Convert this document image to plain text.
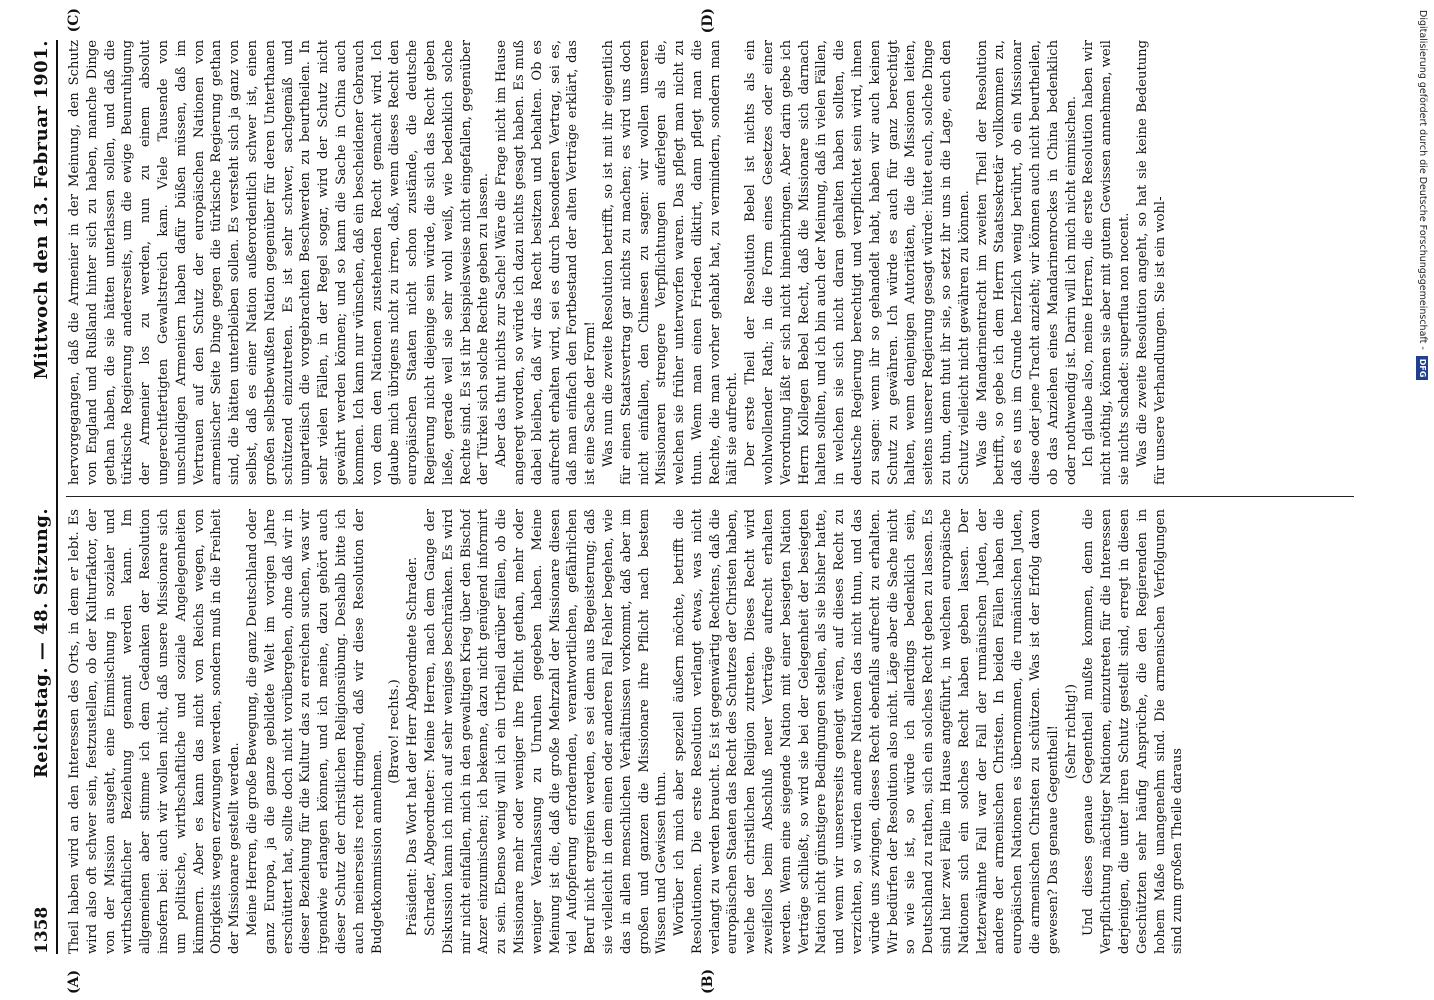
1358
Reichstag. — 48. Sitzung.
Mittwoch den 13. Februar 1901.
(A)	(B)
(C)	(D)

Theil haben wird an den Interessen des Orts, in dem er lebt. Es wird also oft schwer sein, festzustellen, ob der Kulturfaktor, der von der Mission ausgeht, eine Einmischung in sozialer und wirthschaftlicher Beziehung genannt werden kann. Im allgemeinen aber stimme ich dem Gedanken der Resolution insofern bei: auch wir wollen nicht, daß unsere Missionare sich um politische, wirthschaftliche und soziale Angelegenheiten kümmern. Aber es kann das nicht von Reichs wegen, von Obrigkeits wegen erzwungen werden, sondern muß in die Freiheit der Missionare gestellt werden. Meine Herren, die große Bewegung, die ganz Deutschland oder ganz Europa, ja die ganze gebildete Welt im vorigen Jahre erschüttert hat, sollte doch nicht vorübergehen, ohne daß wir in dieser Beziehung für die Kultur das zu erreichen suchen, was wir irgendwie erlangen können, und ich meine, dazu gehört auch dieser Schutz der christlichen Religionsübung. Deshalb bitte ich auch meinerseits recht dringend, daß wir diese Resolution der Budgetkommission annehmen.

(Bravo! rechts.) Präsident: Das Wort hat der Herr Abgeordnete Schrader. Schrader, Abgeordneter: Meine Herren, nach dem Gange der Diskussion kann ich mich auf sehr weniges beschränken. Es wird mir nicht einfallen, mich in den gewaltigen Krieg über den Bischof Anzer einzumischen; ich bekenne, dazu nicht genügend informirt zu sein. Ebenso wenig will ich ein Urtheil darüber fällen, ob die Missionare mehr oder weniger ihre Pflicht gethan, mehr oder weniger Veranlassung zu Unruhen gegeben haben. Meine Meinung ist die, daß die große Mehrzahl der Missionare diesen viel Aufopferung erfordernden, verantwortlichen, gefährlichen Beruf nicht ergreifen werden, es sei denn aus Begeisterung; daß sie vielleicht in dem einen oder anderen Fall Fehler begehen, wie das in allen menschlichen Verhältnissen vorkommt, daß aber im großen und ganzen die Missionare ihre Pflicht nach bestem Wissen und Gewissen thun. Worüber ich mich aber speziell äußern möchte, betrifft die Resolutionen. Die erste Resolution verlangt etwas, was nicht verlangt zu werden braucht. Es ist gegenwärtig Rechtens, daß die europäischen Staaten das Recht des Schutzes der Christen haben, welche der christlichen Religion zutreten. Dieses Recht wird zweifellos beim Abschluß neuer Verträge aufrecht erhalten werden. Wenn eine siegende Nation mit einer besiegten Nation Verträge schließt, so wird sie bei der Gelegenheit der besiegten Nation nicht günstigere Bedingungen stellen, als sie bisher hatte, und wenn wir unsererseits geneigt wären, auf dieses Recht zu verzichten, so würden andere Nationen das nicht thun, und das würde uns zwingen, dieses Recht ebenfalls aufrecht zu erhalten. Wir bedürfen der Resolution also nicht. Läge aber die Sache nicht so wie sie ist, so würde ich allerdings bedenklich sein, Deutschland zu rathen, sich ein solches Recht geben zu lassen. Es sind hier zwei Fälle im Hause angeführt, in welchen europäische Nationen sich ein solches Recht haben geben lassen. Der letzterwähnte Fall war der Fall der rumänischen Juden, der andere der armenischen Christen. In beiden Fällen haben die europäischen Nationen es übernommen, die rumänischen Juden, die armenischen Christen zu schützen. Was ist der Erfolg davon gewesen? Das genaue Gegentheil! (Sehr richtig!) Und dieses genaue Gegentheil mußte kommen, denn die Verpflichtung mächtiger Nationen, einzutreten für die Interessen derjenigen, die unter ihren Schutz gestellt sind, erregt in diesen Geschützten sehr häufig Ansprüche, die den Regierenden in hohem Maße unangenehm sind. Die armenischen Verfolgungen sind zum großen Theile daraus

hervorgegangen, daß die Armenier in der Meinung, den Schutz von England und Rußland hinter sich zu haben, manche Dinge gethan haben, die sie hätten unterlassen sollen, und daß die türkische Regierung andererseits, um die ewige Beunruhigung der Armenier los zu werden, nun zu einem absolut ungerechtfertigten Gewaltstreich kam. Viele Tausende von unschuldigen Armeniern haben dafür büßen müssen, daß im Vertrauen auf den Schutz der europäischen Nationen von armenischer Seite Dinge gegen die türkische Regierung gethan sind, die hätten unterbleiben sollen. Es versteht sich ja ganz von selbst, daß es einer Nation außerordentlich schwer ist, einen großen selbstbewußten Nation gegenüber für deren Unterthanen schützend einzutreten. Es ist sehr schwer, sachgemäß und unparteiisch die vorgebrachten Beschwerden zu beurtheilen. In sehr vielen Fällen, in der Regel sogar, wird der Schutz nicht gewährt werden können; und so kann die Sache in China auch kommen. Ich kann nur wünschen, daß ein bescheidener Gebrauch von dem den Nationen zustehenden Recht gemacht wird. Ich glaube mich übrigens nicht zu irren, daß, wenn dieses Recht den europäischen Staaten nicht schon zustände, die deutsche Regierung nicht diejenige sein würde, die sich das Recht geben ließe, gerade weil sie sehr wohl weiß, wie bedenklich solche Rechte sind. Es ist ihr beispielsweise nicht eingefallen, gegenüber der Türkei sich solche Rechte geben zu lassen. Aber das thut nichts zur Sache! Wäre die Frage nicht im Hause angeregt worden, so würde ich dazu nichts gesagt haben. Es muß dabei bleiben, daß wir das Recht besitzen und behalten. Ob es aufrecht erhalten wird, sei es durch besonderen Vertrag, sei es, daß man einfach den Fortbestand der alten Verträge erklärt, das ist eine Sache der Form! Was nun die zweite Resolution betrifft, so ist mit ihr eigentlich für einen Staatsvertrag gar nichts zu machen; es wird uns doch nicht einfallen, den Chinesen zu sagen: wir wollen unseren Missionaren strengere Verpflichtungen auferlegen als die, welchen sie früher unterworfen waren. Das pflegt man nicht zu thun. Wenn man einen Frieden diktirt, dann pflegt man die Rechte, die man vorher gehabt hat, zu vermindern, sondern man hält sie aufrecht. Der erste Theil der Resolution Bebel ist nichts als ein wohlwollender Rath; in die Form eines Gesetzes oder einer Verordnung läßt er sich nicht hineinbringen. Aber darin gebe ich Herrn Kollegen Bebel Recht, daß die Missionare sich darnach halten sollten, und ich bin auch der Meinung, daß in vielen Fällen, in welchen sie sich nicht daran gehalten haben sollten, die deutsche Regierung berechtigt und verpflichtet sein wird, ihnen zu sagen: wenn ihr so gehandelt habt, haben wir auch keinen Schutz zu gewähren. Ich würde es auch für ganz berechtigt halten, wenn denjenigen Autoritäten, die die Missionen leiten, seitens unserer Regierung gesagt würde: hütet euch, solche Dinge zu thun, denn thut ihr sie, so setzt ihr uns in die Lage, euch den Schutz vielleicht nicht gewähren zu können. Was die Mandarinentracht im zweiten Theil der Resolution betrifft, so gebe ich dem Herrn Staatssekretär vollkommen zu, daß es uns im Grunde herzlich wenig berührt, ob ein Missionar diese oder jene Tracht anzieht; wir können auch nicht beurtheilen, ob das Anziehen eines Mandarinenrockes in China bedenklich oder nothwendig ist. Darin will ich mich nicht einmischen. Ich glaube also, meine Herren, die erste Resolution haben wir nicht nöthig, können sie aber mit gutem Gewissen annehmen, weil sie nichts schadet: superflua non nocent. Was die zweite Resolution angeht, so hat sie keine Bedeutung für unsere Verhandlungen. Sie ist ein wohl-	Digitalisierung gefördert durch die Deutsche Forschungsgemeinschaft -
DFG
